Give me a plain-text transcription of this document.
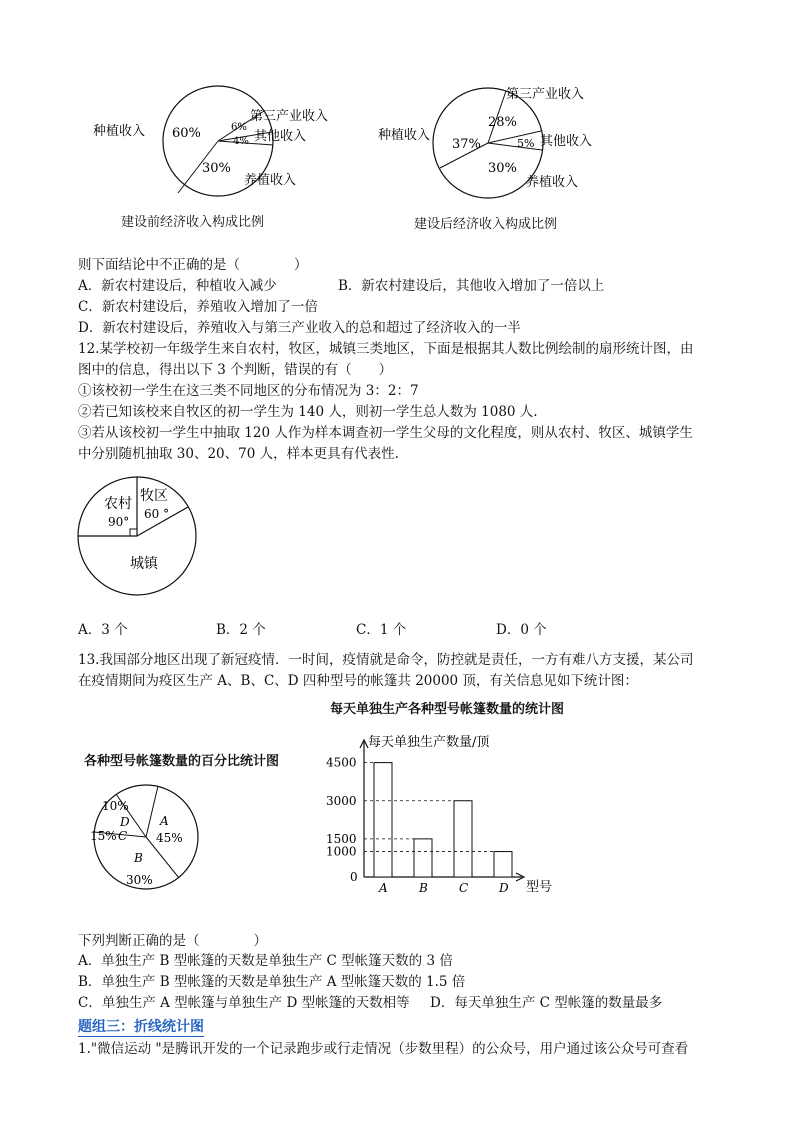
60%	6%
4%
30%
种植收入
第三产业收入
其他收入
养植收入
建设前经济收入构成比例
28%
37%	5%
30%
第三产业收入
种植收入	其他收入
养植收入
建设后经济收入构成比例
则下面结论中不正确的是（　　　　）
A．新农村建设后，种植收入减少	B．新农村建设后，其他收入增加了一倍以上
C．新农村建设后，养殖收入增加了一倍
D．新农村建设后，养殖收入与第三产业收入的总和超过了经济收入的一半
12.某学校初一年级学生来自农村，牧区，城镇三类地区，下面是根据其人数比例绘制的扇形统计图，由
图中的信息，得出以下 3 个判断，错误的有（　　）
①该校初一学生在这三类不同地区的分布情况为 3：2：7
②若已知该校来自牧区的初一学生为 140 人，则初一学生总人数为 1080 人.
③若从该校初一学生中抽取 120 人作为样本调查初一学生父母的文化程度，则从农村、牧区、城镇学生
中分别随机抽取 30、20、70 人，样本更具有代表性.
农村
90°
牧区
60 °
城镇
A．3 个	B．2 个	C．1 个	D．0 个
13.我国部分地区出现了新冠疫情．一时间，疫情就是命令，防控就是责任，一方有难八方支援，某公司
在疫情期间为疫区生产 A、B、C、D 四种型号的帐篷共 20000 顶，有关信息见如下统计图：
各种型号帐篷数量的百分比统计图
A
45%
B
30%
C
15%
D
10%
每天单独生产各种型号帐篷数量的统计图
每天单独生产数量/顶
型号
4500
3000
1500
1000
0
A	B	C	D
下列判断正确的是（　　　　）
A．单独生产 B 型帐篷的天数是单独生产 C 型帐篷天数的 3 倍
B．单独生产 B 型帐篷的天数是单独生产 A 型帐篷天数的 1.5 倍
C．单独生产 A 型帐篷与单独生产 D 型帐篷的天数相等 D．每天单独生产 C 型帐篷的数量最多
题组三：折线统计图
1."微信运动 "是腾讯开发的一个记录跑步或行走情况（步数里程）的公众号，用户通过该公众号可查看
